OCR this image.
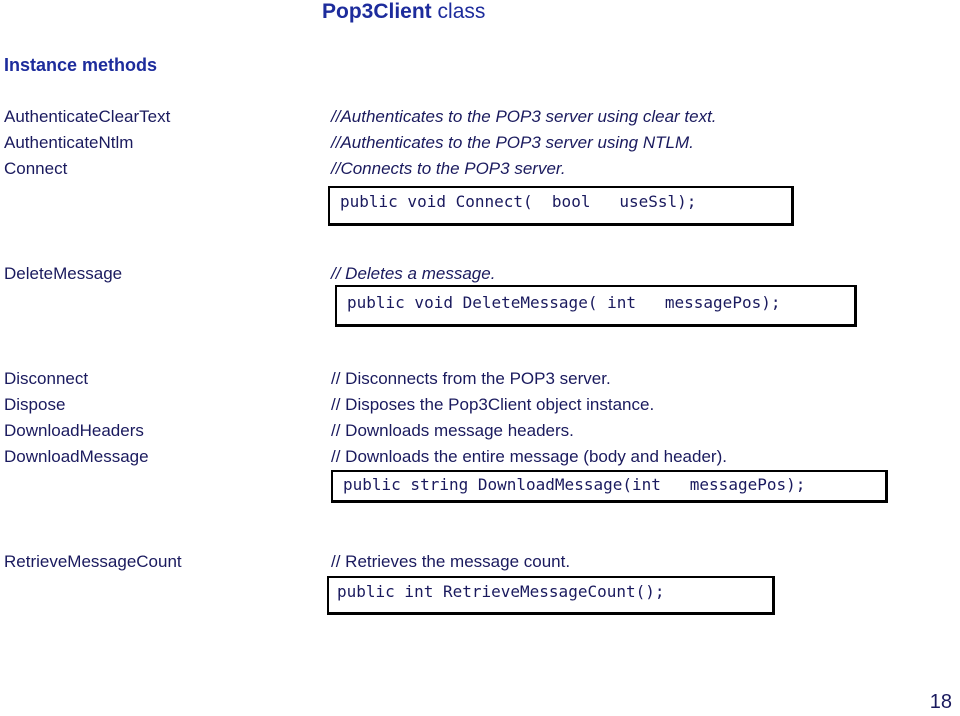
Pop3Client class
Instance methods
AuthenticateClearText
AuthenticateNtlm
Connect
//Authenticates to the POP3 server using clear text.
//Authenticates to the POP3 server using NTLM.
//Connects to the POP3 server.
public void Connect(  bool   useSsl);
DeleteMessage	// Deletes a message.
public void DeleteMessage( int   messagePos);
Disconnect
Dispose
DownloadHeaders
DownloadMessage
// Disconnects from the POP3 server.
// Disposes the Pop3Client object instance.
// Downloads message headers.
// Downloads the entire message (body and header).
public string DownloadMessage(int   messagePos);
RetrieveMessageCount	// Retrieves the message count.
public int RetrieveMessageCount();
18
